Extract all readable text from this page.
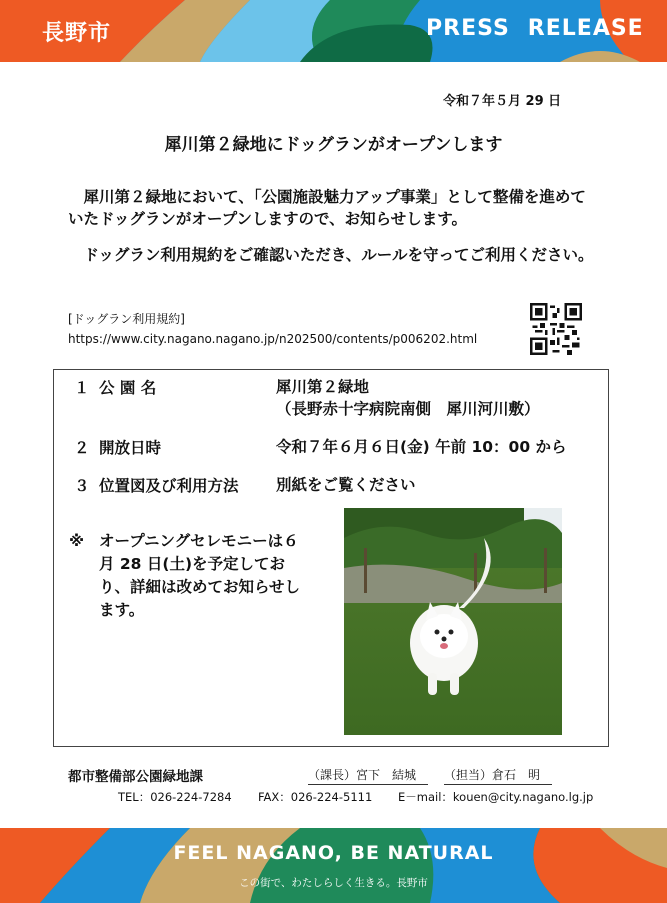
長野市	PRESS RELEASE
令和７年５月 29 日
犀川第２緑地にドッグランがオープンします
　犀川第２緑地において、「公園施設魅力アップ事業」として整備を進めていたドッグランがオープンしますので、お知らせします。
　ドッグラン利用規約をご確認いただき、ルールを守ってご利用ください。
[ドッグラン利用規約]
https://www.city.nagano.nagano.jp/n202500/contents/p006202.html
１ 公 園 名	犀川第２緑地
（長野赤十字病院南側　犀川河川敷）
２ 開放日時	令和７年６月６日(金) 午前 10：00 から
３ 位置図及び利用方法 別紙をご覧ください
※ オープニングセレモニーは６月 28 日(土)を予定しており、詳細は改めてお知らせします。
都市整備部公園緑地課	（課長）宮下　結城	（担当）倉石　明
TEL：026-224-7284 FAX：026-224-5111 E－mail：kouen@city.nagano.lg.jp
FEEL NAGANO, BE NATURAL
この街で、わたしらしく生きる。長野市
